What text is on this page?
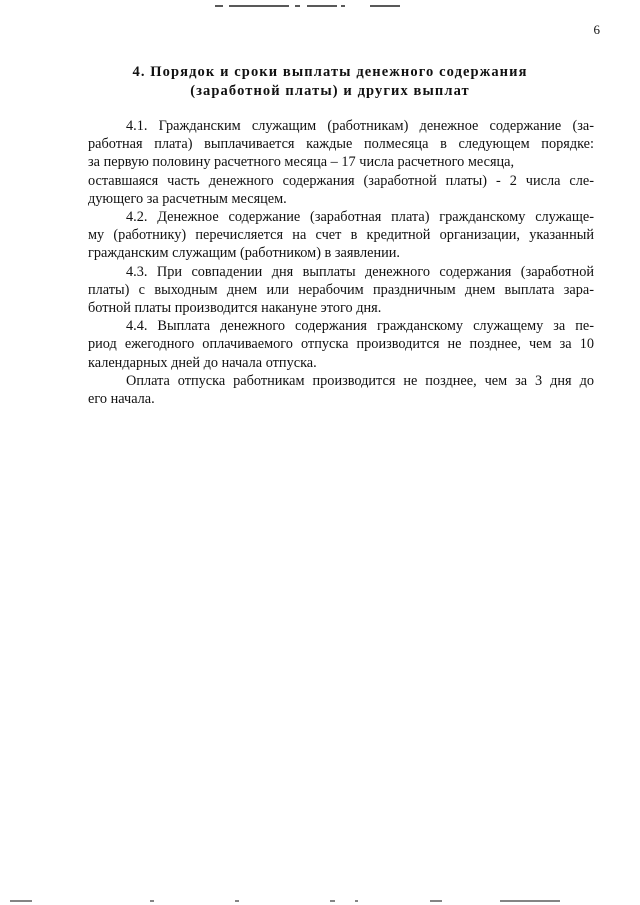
6
4. Порядок и сроки выплаты денежного содержания
(заработной платы) и других выплат

4.1. Гражданским служащим (работникам) денежное содержание (за-
работная плата) выплачивается каждые полмесяца в следующем порядке:
за первую половину расчетного месяца – 17 числа расчетного месяца,
оставшаяся часть денежного содержания (заработной платы) - 2 числа сле-
дующего за расчетным месяцем.

4.2. Денежное содержание (заработная плата) гражданскому служаще-
му (работнику) перечисляется на счет в кредитной организации, указанный
гражданским служащим (работником) в заявлении.

4.3. При совпадении дня выплаты денежного содержания (заработной
платы) с выходным днем или нерабочим праздничным днем выплата зара-
ботной платы производится накануне этого дня.

4.4. Выплата денежного содержания гражданскому служащему за пе-
риод ежегодного оплачиваемого отпуска производится не позднее, чем за 10
календарных дней до начала отпуска.

Оплата отпуска работникам производится не позднее, чем за 3 дня до
его начала.
